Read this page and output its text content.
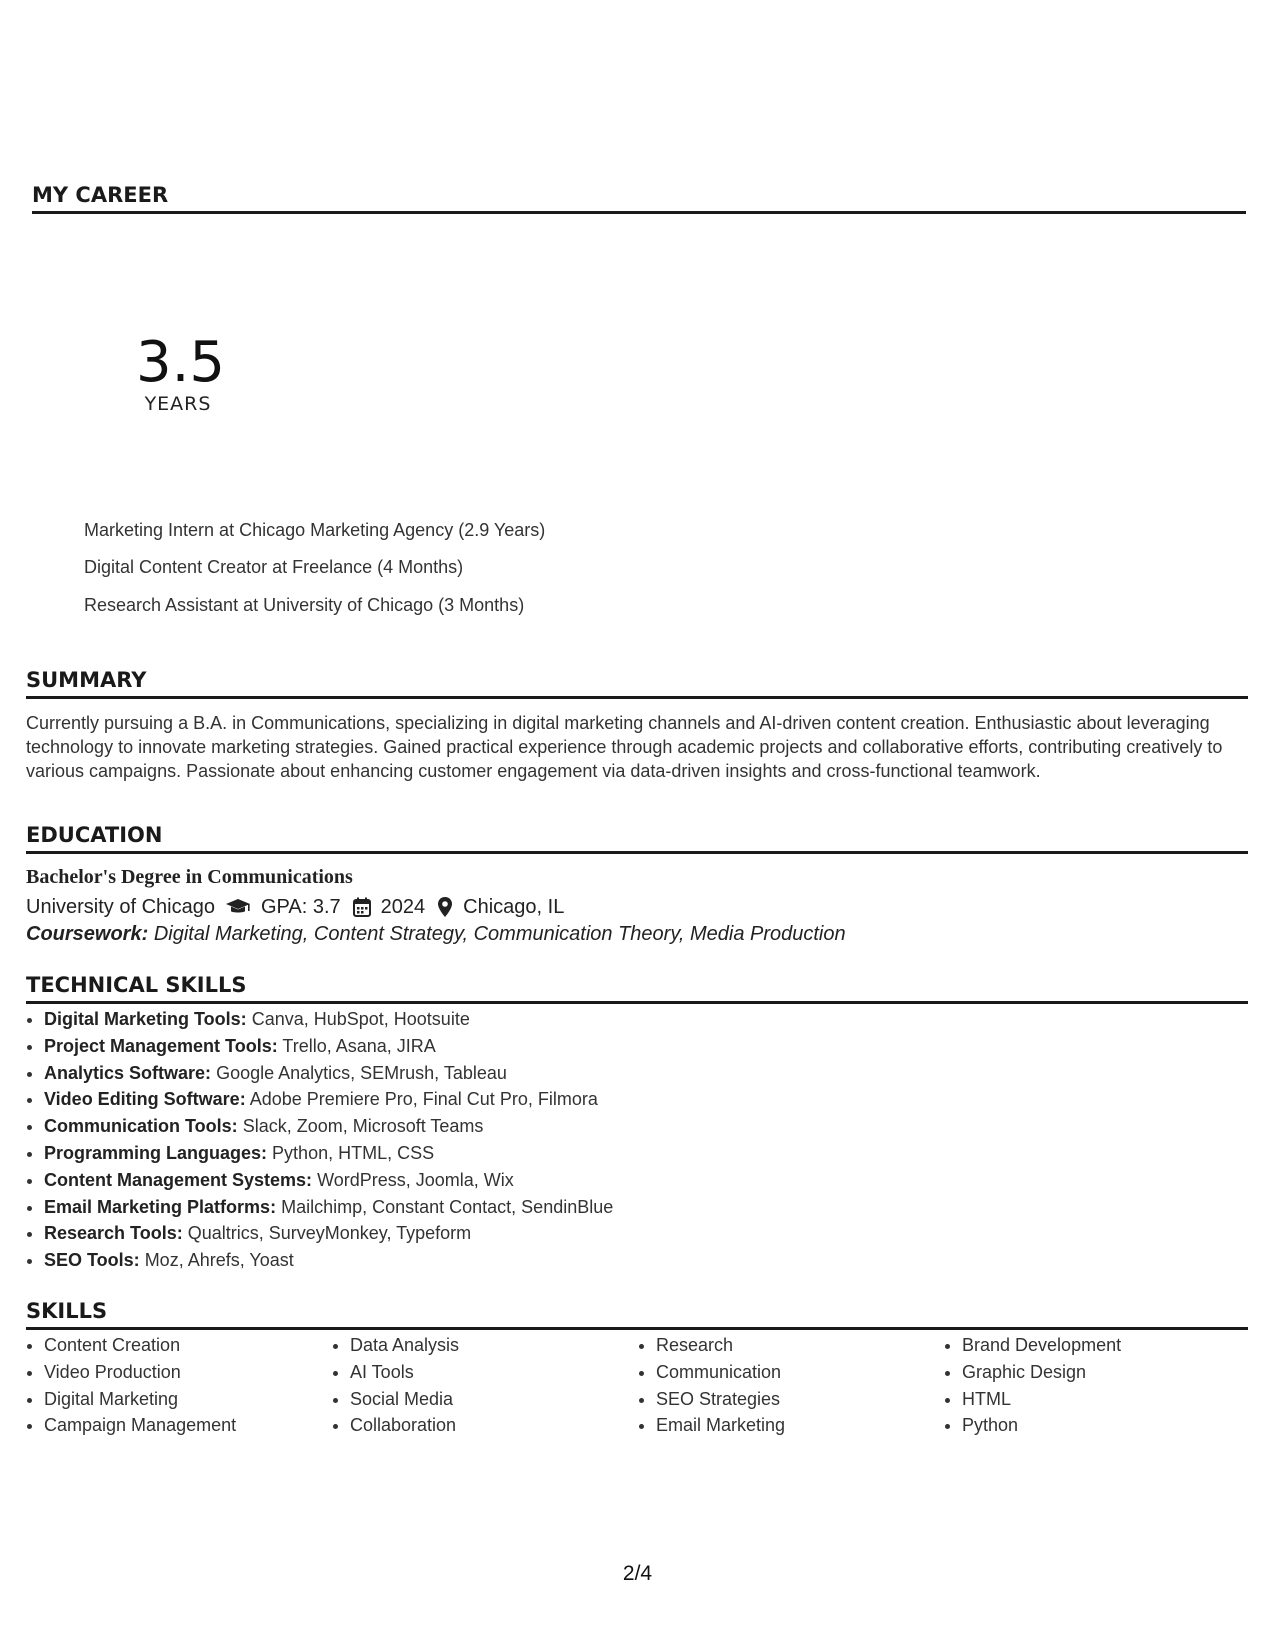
MY CAREER
3.5
YEARS
Marketing Intern at Chicago Marketing Agency (2.9 Years)
Digital Content Creator at Freelance (4 Months)
Research Assistant at University of Chicago (3 Months)
SUMMARY
Currently pursuing a B.A. in Communications, specializing in digital marketing channels and AI-driven content creation. Enthusiastic about leveraging technology to innovate marketing strategies. Gained practical experience through academic projects and collaborative efforts, contributing creatively to various campaigns. Passionate about enhancing customer engagement via data-driven insights and cross-functional teamwork.
EDUCATION
Bachelor's Degree in Communications
University of Chicago GPA: 3.7 2024 Chicago, IL
Coursework: Digital Marketing, Content Strategy, Communication Theory, Media Production
TECHNICAL SKILLS
• Digital Marketing Tools: Canva, HubSpot, Hootsuite
• Project Management Tools: Trello, Asana, JIRA
• Analytics Software: Google Analytics, SEMrush, Tableau
• Video Editing Software: Adobe Premiere Pro, Final Cut Pro, Filmora
• Communication Tools: Slack, Zoom, Microsoft Teams
• Programming Languages: Python, HTML, CSS
• Content Management Systems: WordPress, Joomla, Wix
• Email Marketing Platforms: Mailchimp, Constant Contact, SendinBlue
• Research Tools: Qualtrics, SurveyMonkey, Typeform
• SEO Tools: Moz, Ahrefs, Yoast
SKILLS
• Content Creation
• Video Production
• Digital Marketing
• Campaign Management
• Data Analysis
• AI Tools
• Social Media
• Collaboration
• Research
• Communication
• SEO Strategies
• Email Marketing
• Brand Development
• Graphic Design
• HTML
• Python
2/4
